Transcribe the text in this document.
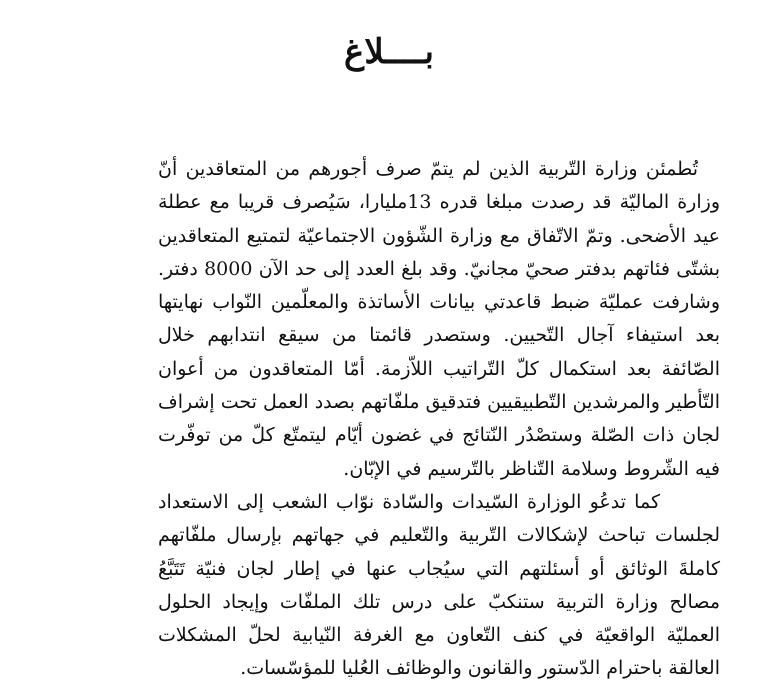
بــــلاغ

تُطمئن وزارة التّربية الذين لم يتمّ صرف أجورهم من المتعاقدين أنّ وزارة الماليّة قد رصدت مبلغا قدره 13مليارا، سَيُصرف قريبا مع عطلة عيد الأضحى. وتمّ الاتّفاق مع وزارة الشّؤون الاجتماعيّة لتمتيع المتعاقدين بشتّى فئاتهم بدفتر صحيّ مجانيّ. وقد بلغ العدد إلى حد الآن 8000 دفتر. وشارفت عمليّة ضبط قاعدتي بيانات الأساتذة والمعلّمين النّواب نهايتها بعد استيفاء آجال التّحيين. وستصدر قائمتا من سيقع انتدابهم خلال الصّائفة بعد استكمال كلّ التّراتيب اللاّزمة. أمّا المتعاقدون من أعوان التّأطير والمرشدين التّطبيقيين فتدقيق ملفّاتهم بصدد العمل تحت إشراف لجان ذات الصّلة وستصْدُر النّتائج في غضون أيّام ليتمتّع كلّ من توفّرت فيه الشّروط وسلامة التّناظر بالتّرسيم في الإبّان.

كما تدعُو الوزارة السّيدات والسّادة نوّاب الشعب إلى الاستعداد لجلسات تباحث لإشكالات التّربية والتّعليم في جهاتهم بإرسال ملفّاتهم كاملةَ الوثائق أو أسئلتهم التي سيُجاب عنها في إطار لجان فنيّة تَتَبَّعُ مصالح وزارة التربية ستنكبّ على درس تلك الملفّات وإيجاد الحلول العمليّة الواقعيّة في كنف التّعاون مع الغرفة النّيابية لحلّ المشكلات العالقة باحترام الدّستور والقانون والوظائف العُليا للمؤسّسات.
